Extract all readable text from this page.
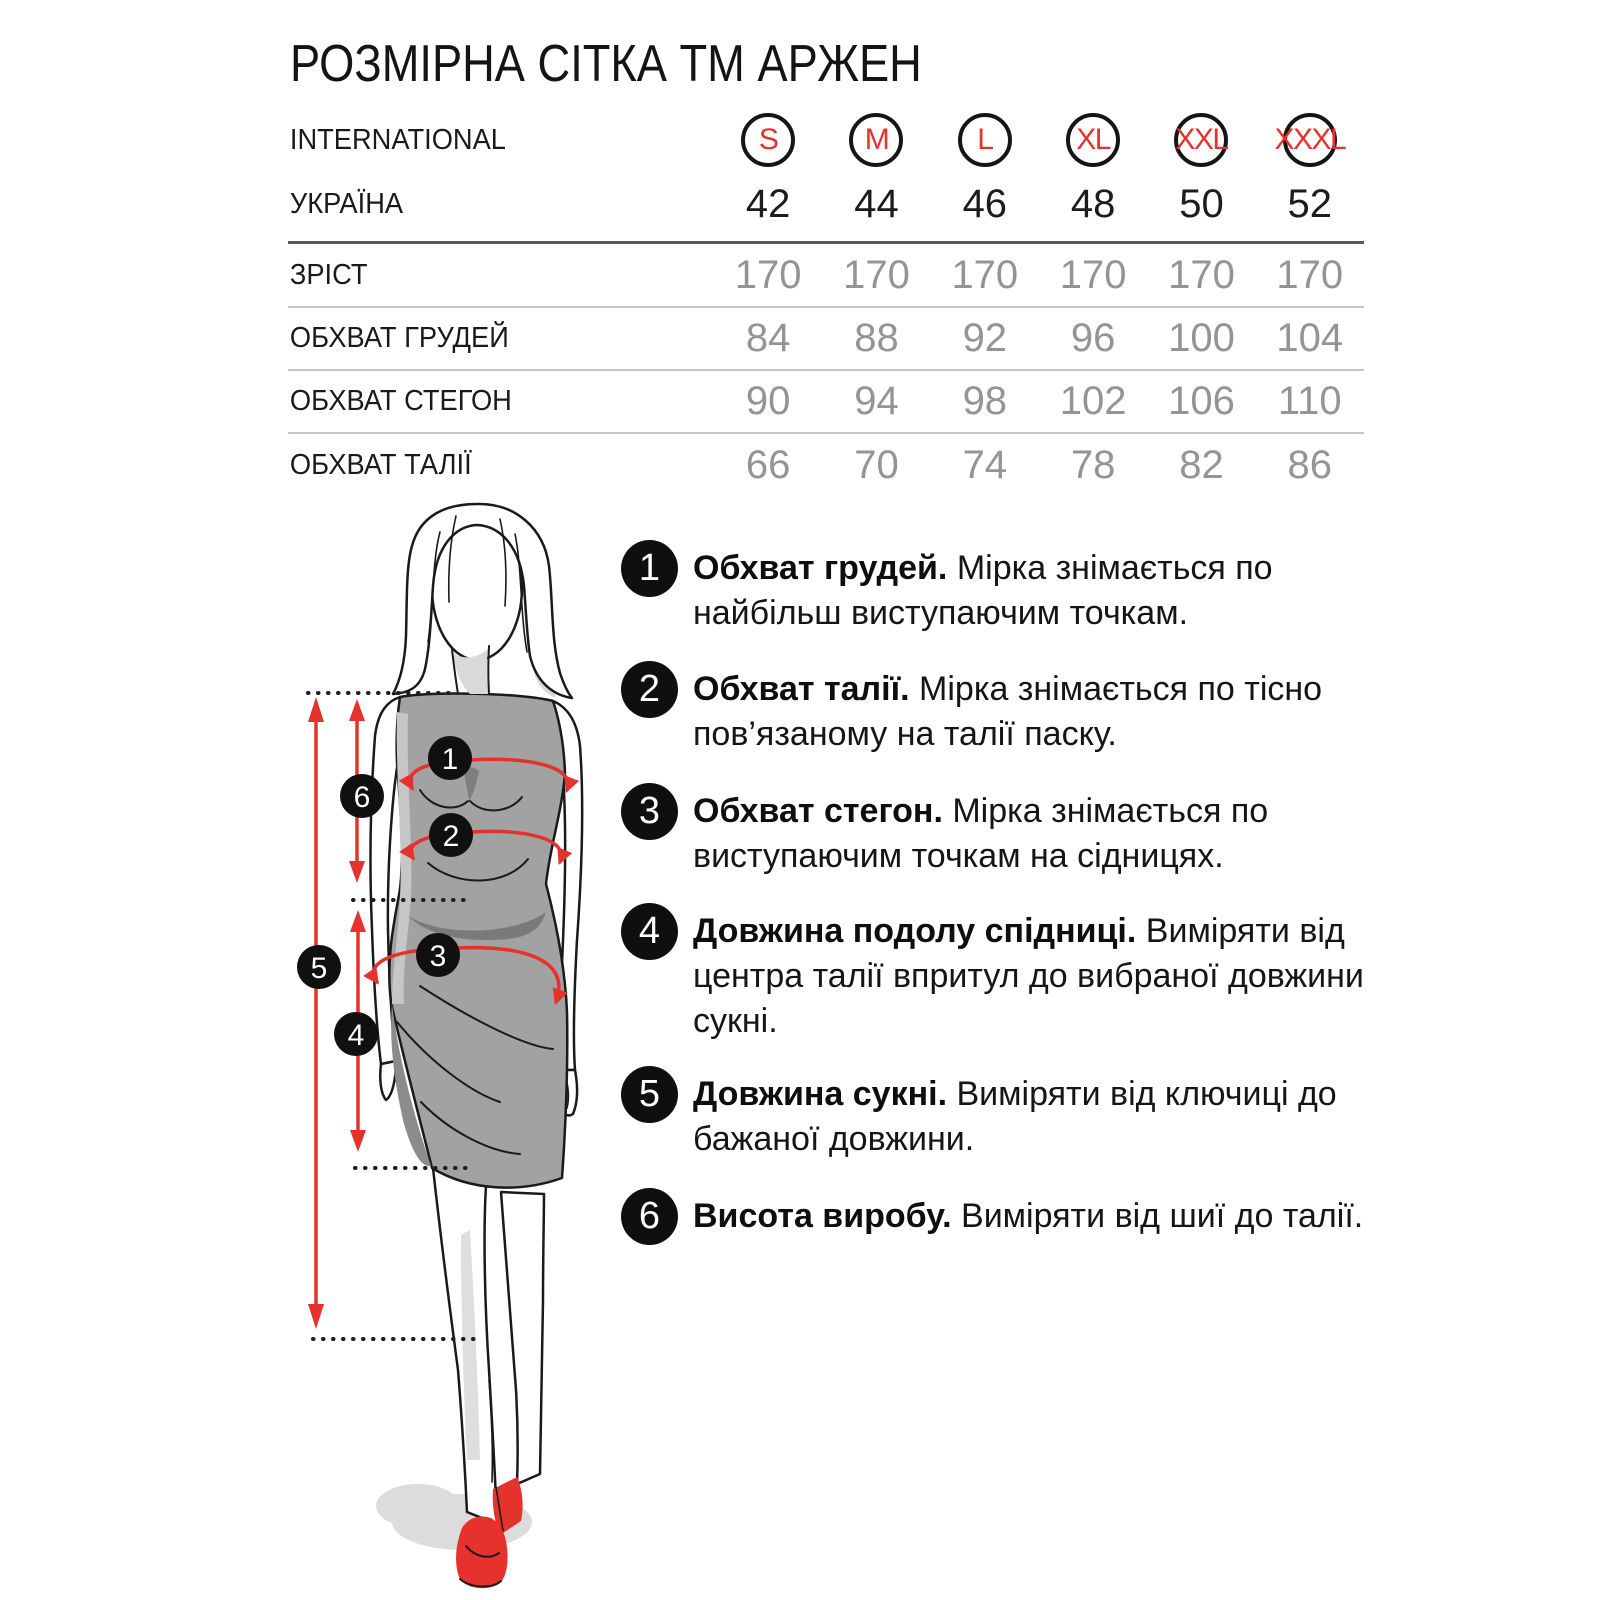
РОЗМІРНА СІТКА ТМ АРЖЕН
INTERNATIONAL	S	M	L	XL XXL XXXL
УКРАЇНА	42	44	46	48	50	52
ЗРІСТ	170	170	170	170	170	170
ОБХВАТ ГРУДЕЙ	84	88	92	96	100	104
ОБХВАТ СТЕГОН	90	94	98	102	106	110
ОБХВАТ ТАЛІЇ	66	70	74	78	82	86
1
2
3
4
5
6
1 Обхват грудей. Мірка знімається по найбільш виступаючим точкам.
2 Обхват талії. Мірка знімається по тісно пов’язаному на талії паску.
3 Обхват стегон. Мірка знімається по виступаючим точкам на сідницях.
4 Довжина подолу спідниці. Виміряти від центра талії впритул до вибраної довжини сукні.
5 Довжина сукні. Виміряти від ключиці до бажаної довжини.
6 Висота виробу. Виміряти від шиї до талії.
